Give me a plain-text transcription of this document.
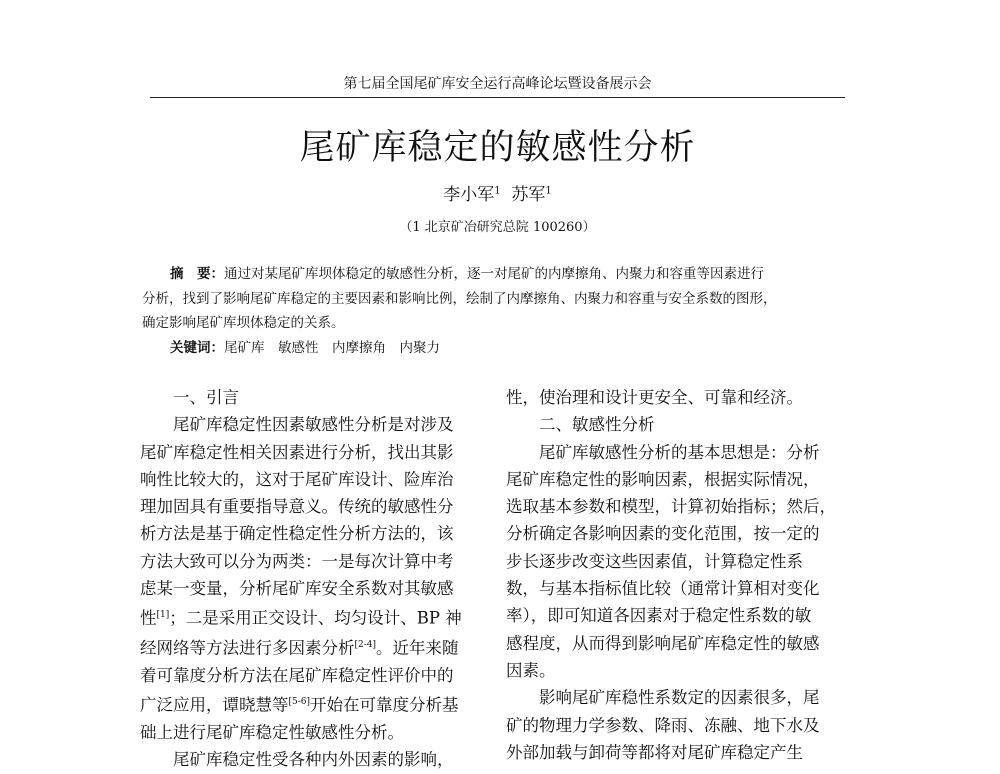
第七届全国尾矿库安全运行高峰论坛暨设备展示会
尾矿库稳定的敏感性分析
李小军$^1$ 苏军$^1$
（1 北京矿冶研究总院 100260）
摘　要：通过对某尾矿库坝体稳定的敏感性分析，逐一对尾矿的内摩擦角、内聚力和容重等因素进行
分析，找到了影响尾矿库稳定的主要因素和影响比例，绘制了内摩擦角、内聚力和容重与安全系数的图形，
确定影响尾矿库坝体稳定的关系。
关键词：尾矿库　敏感性　内摩擦角　内聚力
一、引言
尾矿库稳定性因素敏感性分析是对涉及
尾矿库稳定性相关因素进行分析，找出其影
响性比较大的，这对于尾矿库设计、险库治
理加固具有重要指导意义。传统的敏感性分
析方法是基于确定性稳定性分析方法的，该
方法大致可以分为两类：一是每次计算中考
虑某一变量，分析尾矿库安全系数对其敏感
性[1]；二是采用正交设计、均匀设计、BP 神
经网络等方法进行多因素分析[2-4]。近年来随
着可靠度分析方法在尾矿库稳定性评价中的
广泛应用，谭晓慧等[5-6]开始在可靠度分析基
础上进行尾矿库稳定性敏感性分析。
尾矿库稳定性受各种内外因素的影响，
性，使治理和设计更安全、可靠和经济。
二、敏感性分析
尾矿库敏感性分析的基本思想是：分析
尾矿库稳定性的影响因素，根据实际情况，
选取基本参数和模型，计算初始指标；然后，
分析确定各影响因素的变化范围，按一定的
步长逐步改变这些因素值，计算稳定性系
数，与基本指标值比较（通常计算相对变化
率），即可知道各因素对于稳定性系数的敏
感程度，从而得到影响尾矿库稳定性的敏感
因素。
影响尾矿库稳性系数定的因素很多，尾
矿的物理力学参数、降雨、冻融、地下水及
外部加载与卸荷等都将对尾矿库稳定产生
